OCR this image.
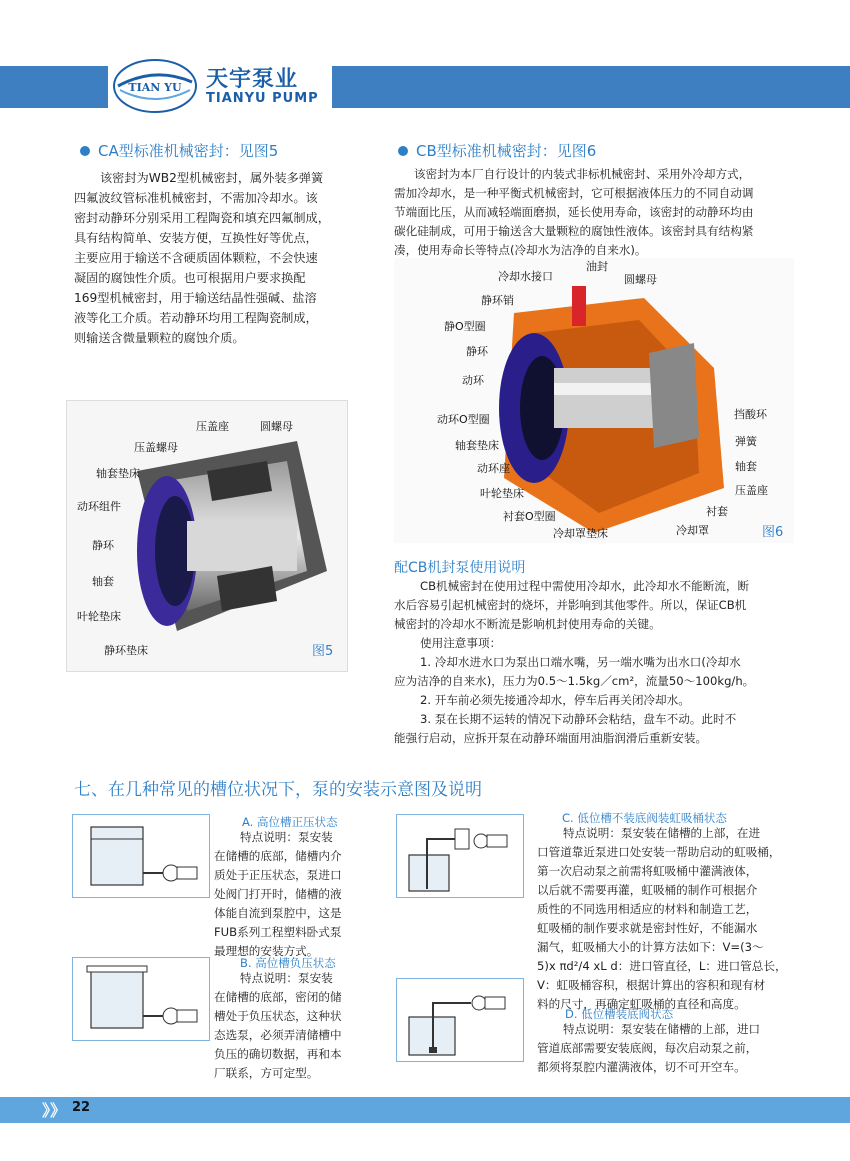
TIAN YU 天宇泵业
TIANYU PUMP
CA型标准机械密封：见图5
该密封为WB2型机械密封，属外装多弹簧
四氟波纹管标准机械密封，不需加冷却水。该
密封动静环分别采用工程陶瓷和填充四氟制成，
具有结构简单、安装方便，互换性好等优点，
主要应用于输送不含硬质固体颗粒，不会快速
凝固的腐蚀性介质。也可根据用户要求换配
169型机械密封，用于输送结晶性强碱、盐溶
液等化工介质。若动静环均用工程陶瓷制成，
则输送含微量颗粒的腐蚀介质。
压盖座	圆螺母
压盖螺母
轴套垫床
动环组件
静环
轴套
叶轮垫床
静环垫床	图5
CB型标准机械密封：见图6
该密封为本厂自行设计的内装式非标机械密封、采用外冷却方式，
需加冷却水，是一种平衡式机械密封，它可根据液体压力的不同自动调
节端面比压，从而减轻端面磨损，延长使用寿命，该密封的动静环均由
碳化硅制成，可用于输送含大量颗粒的腐蚀性液体。该密封具有结构紧
凑，使用寿命长等特点(冷却水为洁净的自来水)。
冷却水接口
静环销
静O型圈
静环
动环
动环O型圈
轴套垫床
动环座
叶轮垫床
衬套O型圈
冷却罩垫床
油封
圆螺母
挡酸环
弹簧
轴套
压盖座
衬套
冷却罩	图6
配CB机封泵使用说明
CB机械密封在使用过程中需使用冷却水，此冷却水不能断流，断
水后容易引起机械密封的烧坏，并影响到其他零件。所以，保证CB机
械密封的冷却水不断流是影响机封使用寿命的关键。
使用注意事项：
1. 冷却水进水口为泵出口端水嘴，另一端水嘴为出水口(冷却水
应为洁净的自来水)，压力为0.5～1.5kg／cm²，流量50～100kg/h。
2. 开车前必须先接通冷却水，停车后再关闭冷却水。
3. 泵在长期不运转的情况下动静环会粘结，盘车不动。此时不
能强行启动，应拆开泵在动静环端面用油脂润滑后重新安装。
七、在几种常见的槽位状况下，泵的安装示意图及说明
A. 高位槽正压状态
特点说明：泵安装
在储槽的底部，储槽内介
质处于正压状态，泵进口
处阀门打开时，储槽的液
体能自流到泵腔中，这是
FUB系列工程塑料卧式泵
最理想的安装方式。
B. 高位槽负压状态
特点说明：泵安装
在储槽的底部，密闭的储
槽处于负压状态，这种状
态选泵，必须弄清储槽中
负压的确切数据，再和本
厂联系，方可定型。
C. 低位槽不装底阀装虹吸桶状态
特点说明：泵安装在储槽的上部，在进
口管道靠近泵进口处安装一帮助启动的虹吸桶，
第一次启动泵之前需将虹吸桶中灌满液体，
以后就不需要再灌，虹吸桶的制作可根据介
质性的不同选用相适应的材料和制造工艺，
虹吸桶的制作要求就是密封性好，不能漏水
漏气，虹吸桶大小的计算方法如下：V=(3～
5)x πd²/4 xL d：进口管直径，L：进口管总长，
V：虹吸桶容积，根据计算出的容积和现有材
料的尺寸，再确定虹吸桶的直径和高度。
D. 低位槽装底阀状态
特点说明：泵安装在储槽的上部，进口
管道底部需要安装底阀，每次启动泵之前，
都须将泵腔内灌满液体，切不可开空车。
》》 22
